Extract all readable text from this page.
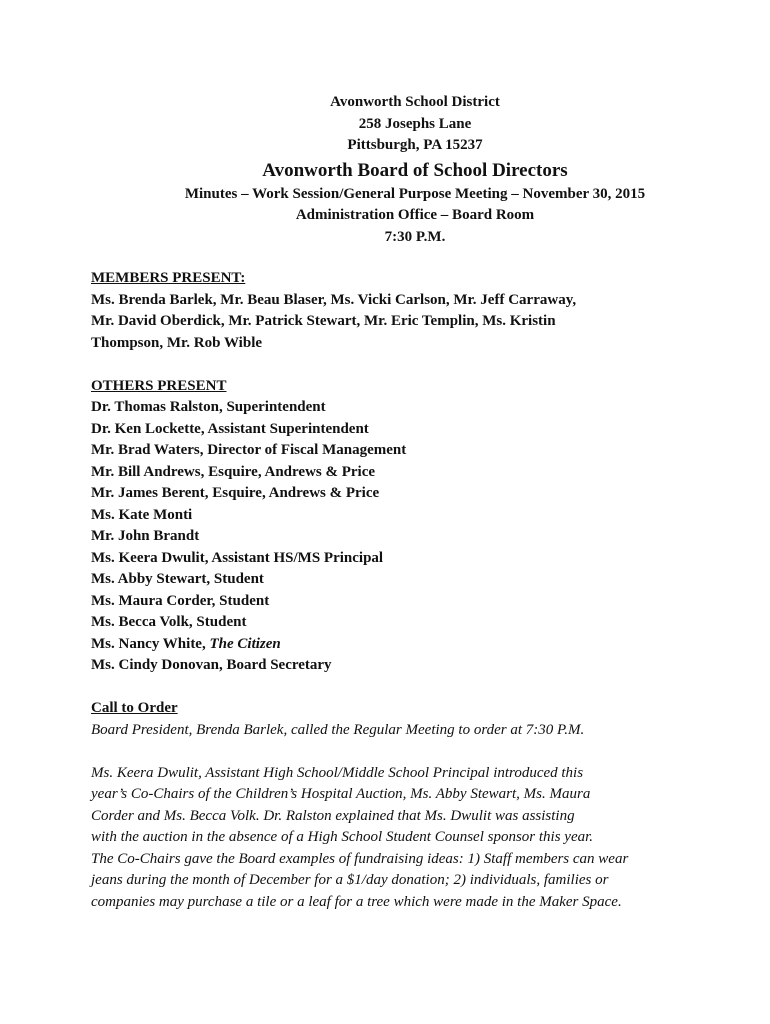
Avonworth School District
258 Josephs Lane
Pittsburgh, PA 15237
Avonworth Board of School Directors
Minutes – Work Session/General Purpose Meeting – November 30, 2015
Administration Office – Board Room
7:30 P.M.
MEMBERS PRESENT:
Ms. Brenda Barlek, Mr. Beau Blaser, Ms. Vicki Carlson, Mr. Jeff Carraway,
Mr. David Oberdick, Mr. Patrick Stewart, Mr. Eric Templin, Ms. Kristin
Thompson, Mr. Rob Wible
OTHERS PRESENT
Dr. Thomas Ralston, Superintendent
Dr. Ken Lockette, Assistant Superintendent
Mr. Brad Waters, Director of Fiscal Management
Mr. Bill Andrews, Esquire, Andrews & Price
Mr. James Berent, Esquire, Andrews & Price
Ms. Kate Monti
Mr. John Brandt
Ms. Keera Dwulit, Assistant HS/MS Principal
Ms. Abby Stewart, Student
Ms. Maura Corder, Student
Ms. Becca Volk, Student
Ms. Nancy White, The Citizen
Ms. Cindy Donovan, Board Secretary
Call to Order
Board President, Brenda Barlek, called the Regular Meeting to order at 7:30 P.M.
Ms. Keera Dwulit, Assistant High School/Middle School Principal introduced this
year’s Co-Chairs of the Children’s Hospital Auction, Ms. Abby Stewart, Ms. Maura
Corder and Ms. Becca Volk. Dr. Ralston explained that Ms. Dwulit was assisting
with the auction in the absence of a High School Student Counsel sponsor this year.
The Co-Chairs gave the Board examples of fundraising ideas: 1) Staff members can wear
jeans during the month of December for a $1/day donation; 2) individuals, families or
companies may purchase a tile or a leaf for a tree which were made in the Maker Space.
